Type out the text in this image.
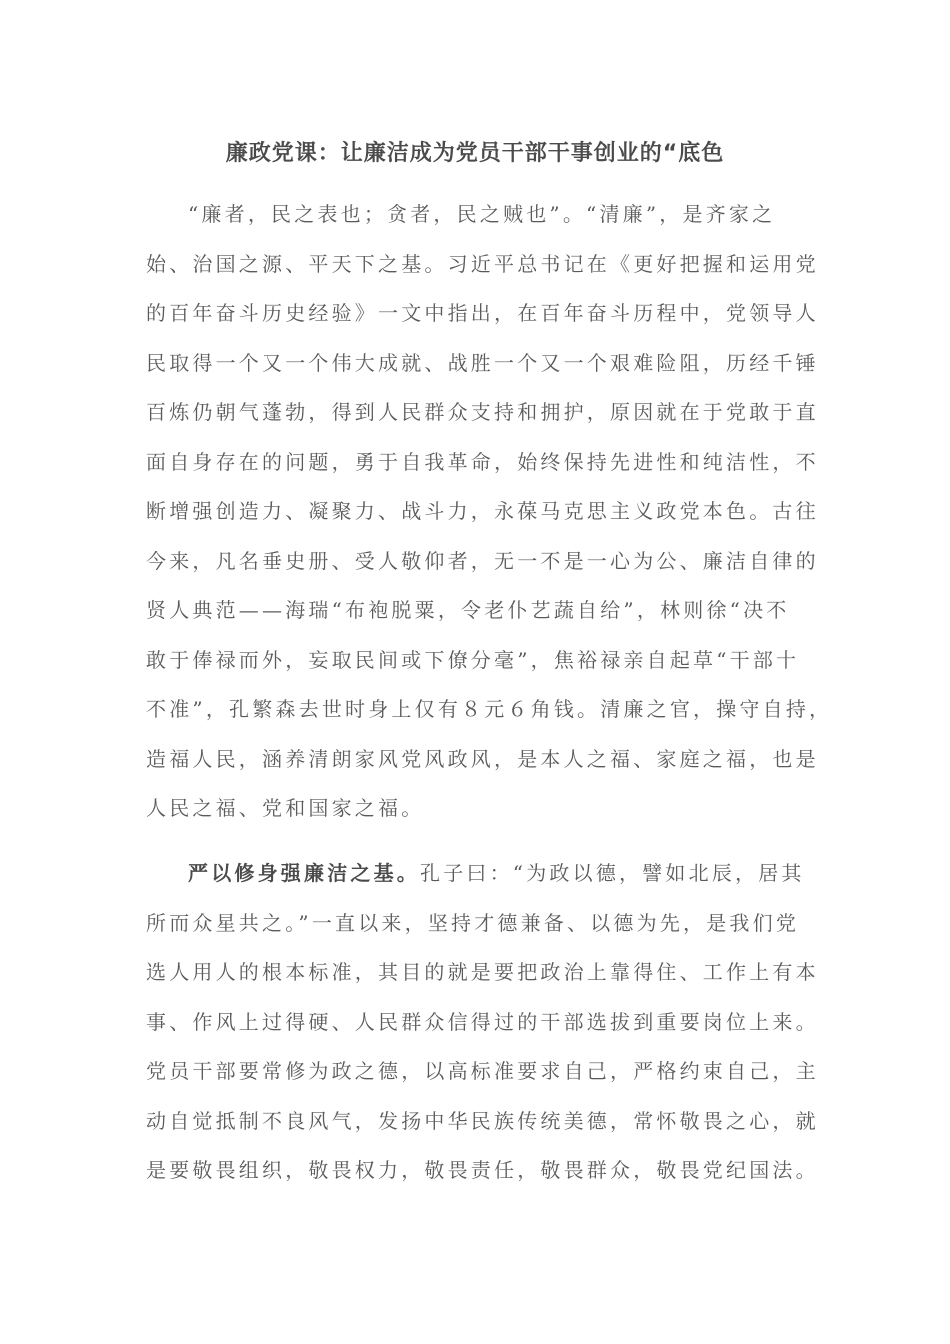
廉政党课：让廉洁成为党员干部干事创业的“底色
“廉者，民之表也；贪者，民之贼也”。“清廉”，是齐家之
始、治国之源、平天下之基。习近平总书记在《更好把握和运用党
的百年奋斗历史经验》一文中指出，在百年奋斗历程中，党领导人
民取得一个又一个伟大成就、战胜一个又一个艰难险阻，历经千锤
百炼仍朝气蓬勃，得到人民群众支持和拥护，原因就在于党敢于直
面自身存在的问题，勇于自我革命，始终保持先进性和纯洁性，不
断增强创造力、凝聚力、战斗力，永葆马克思主义政党本色。古往
今来，凡名垂史册、受人敬仰者，无一不是一心为公、廉洁自律的
贤人典范——海瑞“布袍脱粟，令老仆艺蔬自给”，林则徐“决不
敢于俸禄而外，妄取民间或下僚分毫”，焦裕禄亲自起草“干部十
不准”，孔繁森去世时身上仅有８元６角钱。清廉之官，操守自持，
造福人民，涵养清朗家风党风政风，是本人之福、家庭之福，也是
人民之福、党和国家之福。
严以修身强廉洁之基。孔子曰：“为政以德，譬如北辰，居其
所而众星共之。”一直以来，坚持才德兼备、以德为先，是我们党
选人用人的根本标准，其目的就是要把政治上靠得住、工作上有本
事、作风上过得硬、人民群众信得过的干部选拔到重要岗位上来。
党员干部要常修为政之德，以高标准要求自己，严格约束自己，主
动自觉抵制不良风气，发扬中华民族传统美德，常怀敬畏之心，就
是要敬畏组织，敬畏权力，敬畏责任，敬畏群众，敬畏党纪国法。
